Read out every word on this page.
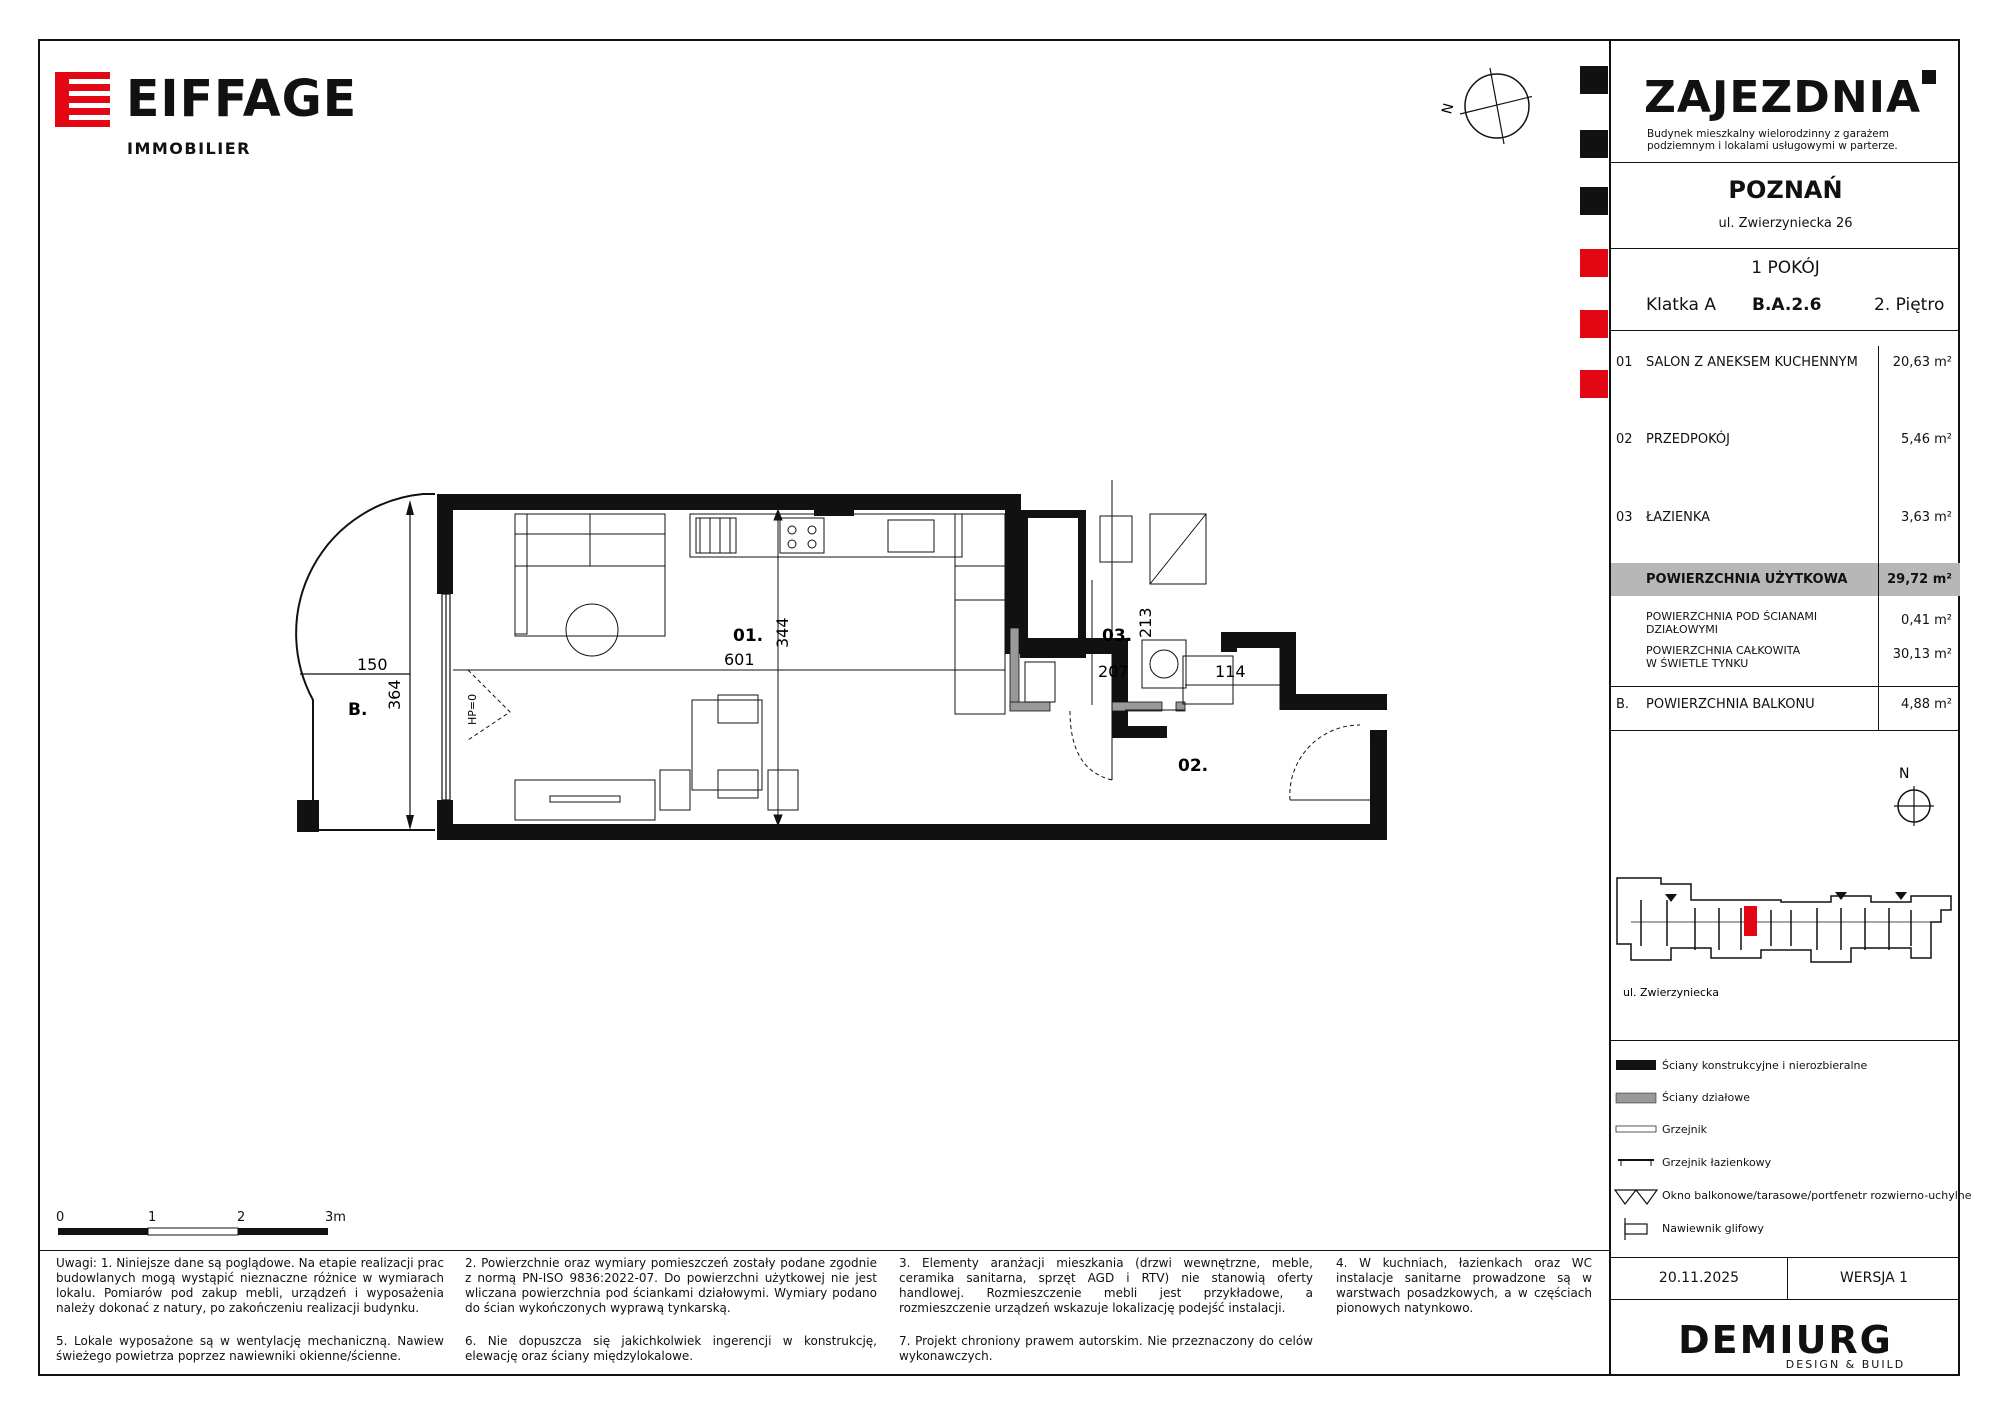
EIFFAGE
IMMOBILIER
N	ZAJEZDNIA
Budynek mieszkalny wielorodzinny z garażem podziemnym i lokalami usługowymi w parterze.
POZNAŃ
ul. Zwierzyniecka 26
1 POKÓJ
Klatka A B.A.2.6	2. Piętro
01 SALON Z ANEKSEM KUCHENNYM	20,63 m²
02 PRZEDPOKÓJ	5,46 m²
03 ŁAZIENKA	3,63 m²
POWIERZCHNIA UŻYTKOWA	29,72 m²
POWIERZCHNIA POD ŚCIANAMI
DZIAŁOWYMI
0,41 m²
POWIERZCHNIA CAŁKOWITA
W ŚWIETLE TYNKU
30,13 m²
B. POWIERZCHNIA BALKONU	4,88 m²
N
ul. Zwierzyniecka
Ściany konstrukcyjne i nierozbieralne
Ściany działowe
Grzejnik
Grzejnik łazienkowy
Okno balkonowe/tarasowe/portfenetr rozwierno-uchylne
Nawiewnik glifowy
20.11.2025	WERSJA 1
DEMIURG
DESIGN & BUILD
01.
02.
03.
B.
601
344	213
207	114
150
364	HP=0
0	1	2	3m
Uwagi: 1. Niniejsze dane są poglądowe. Na etapie realizacji prac budowlanych mogą wystąpić nieznaczne różnice w wymiarach lokalu. Pomiarów pod zakup mebli, urządzeń i wyposażenia należy dokonać z natury, po zakończeniu realizacji budynku.
2. Powierzchnie oraz wymiary pomieszczeń zostały podane zgodnie z normą PN-ISO 9836:2022-07. Do powierzchni użytkowej nie jest wliczana powierzchnia pod ściankami działowymi. Wymiary podano do ścian wykończonych wyprawą tynkarską.
3. Elementy aranżacji mieszkania (drzwi wewnętrzne, meble, ceramika sanitarna, sprzęt AGD i RTV) nie stanowią oferty handlowej. Rozmieszczenie mebli jest przykładowe, a rozmieszczenie urządzeń wskazuje lokalizację podejść instalacji.
4. W kuchniach, łazienkach oraz WC instalacje sanitarne prowadzone są w warstwach posadzkowych, a w częściach pionowych natynkowo.
5. Lokale wyposażone są w wentylację mechaniczną. Nawiew świeżego powietrza poprzez nawiewniki okienne/ścienne.
6. Nie dopuszcza się jakichkolwiek ingerencji w konstrukcję, elewację oraz ściany międzylokalowe.
7. Projekt chroniony prawem autorskim. Nie przeznaczony do celów wykonawczych.
